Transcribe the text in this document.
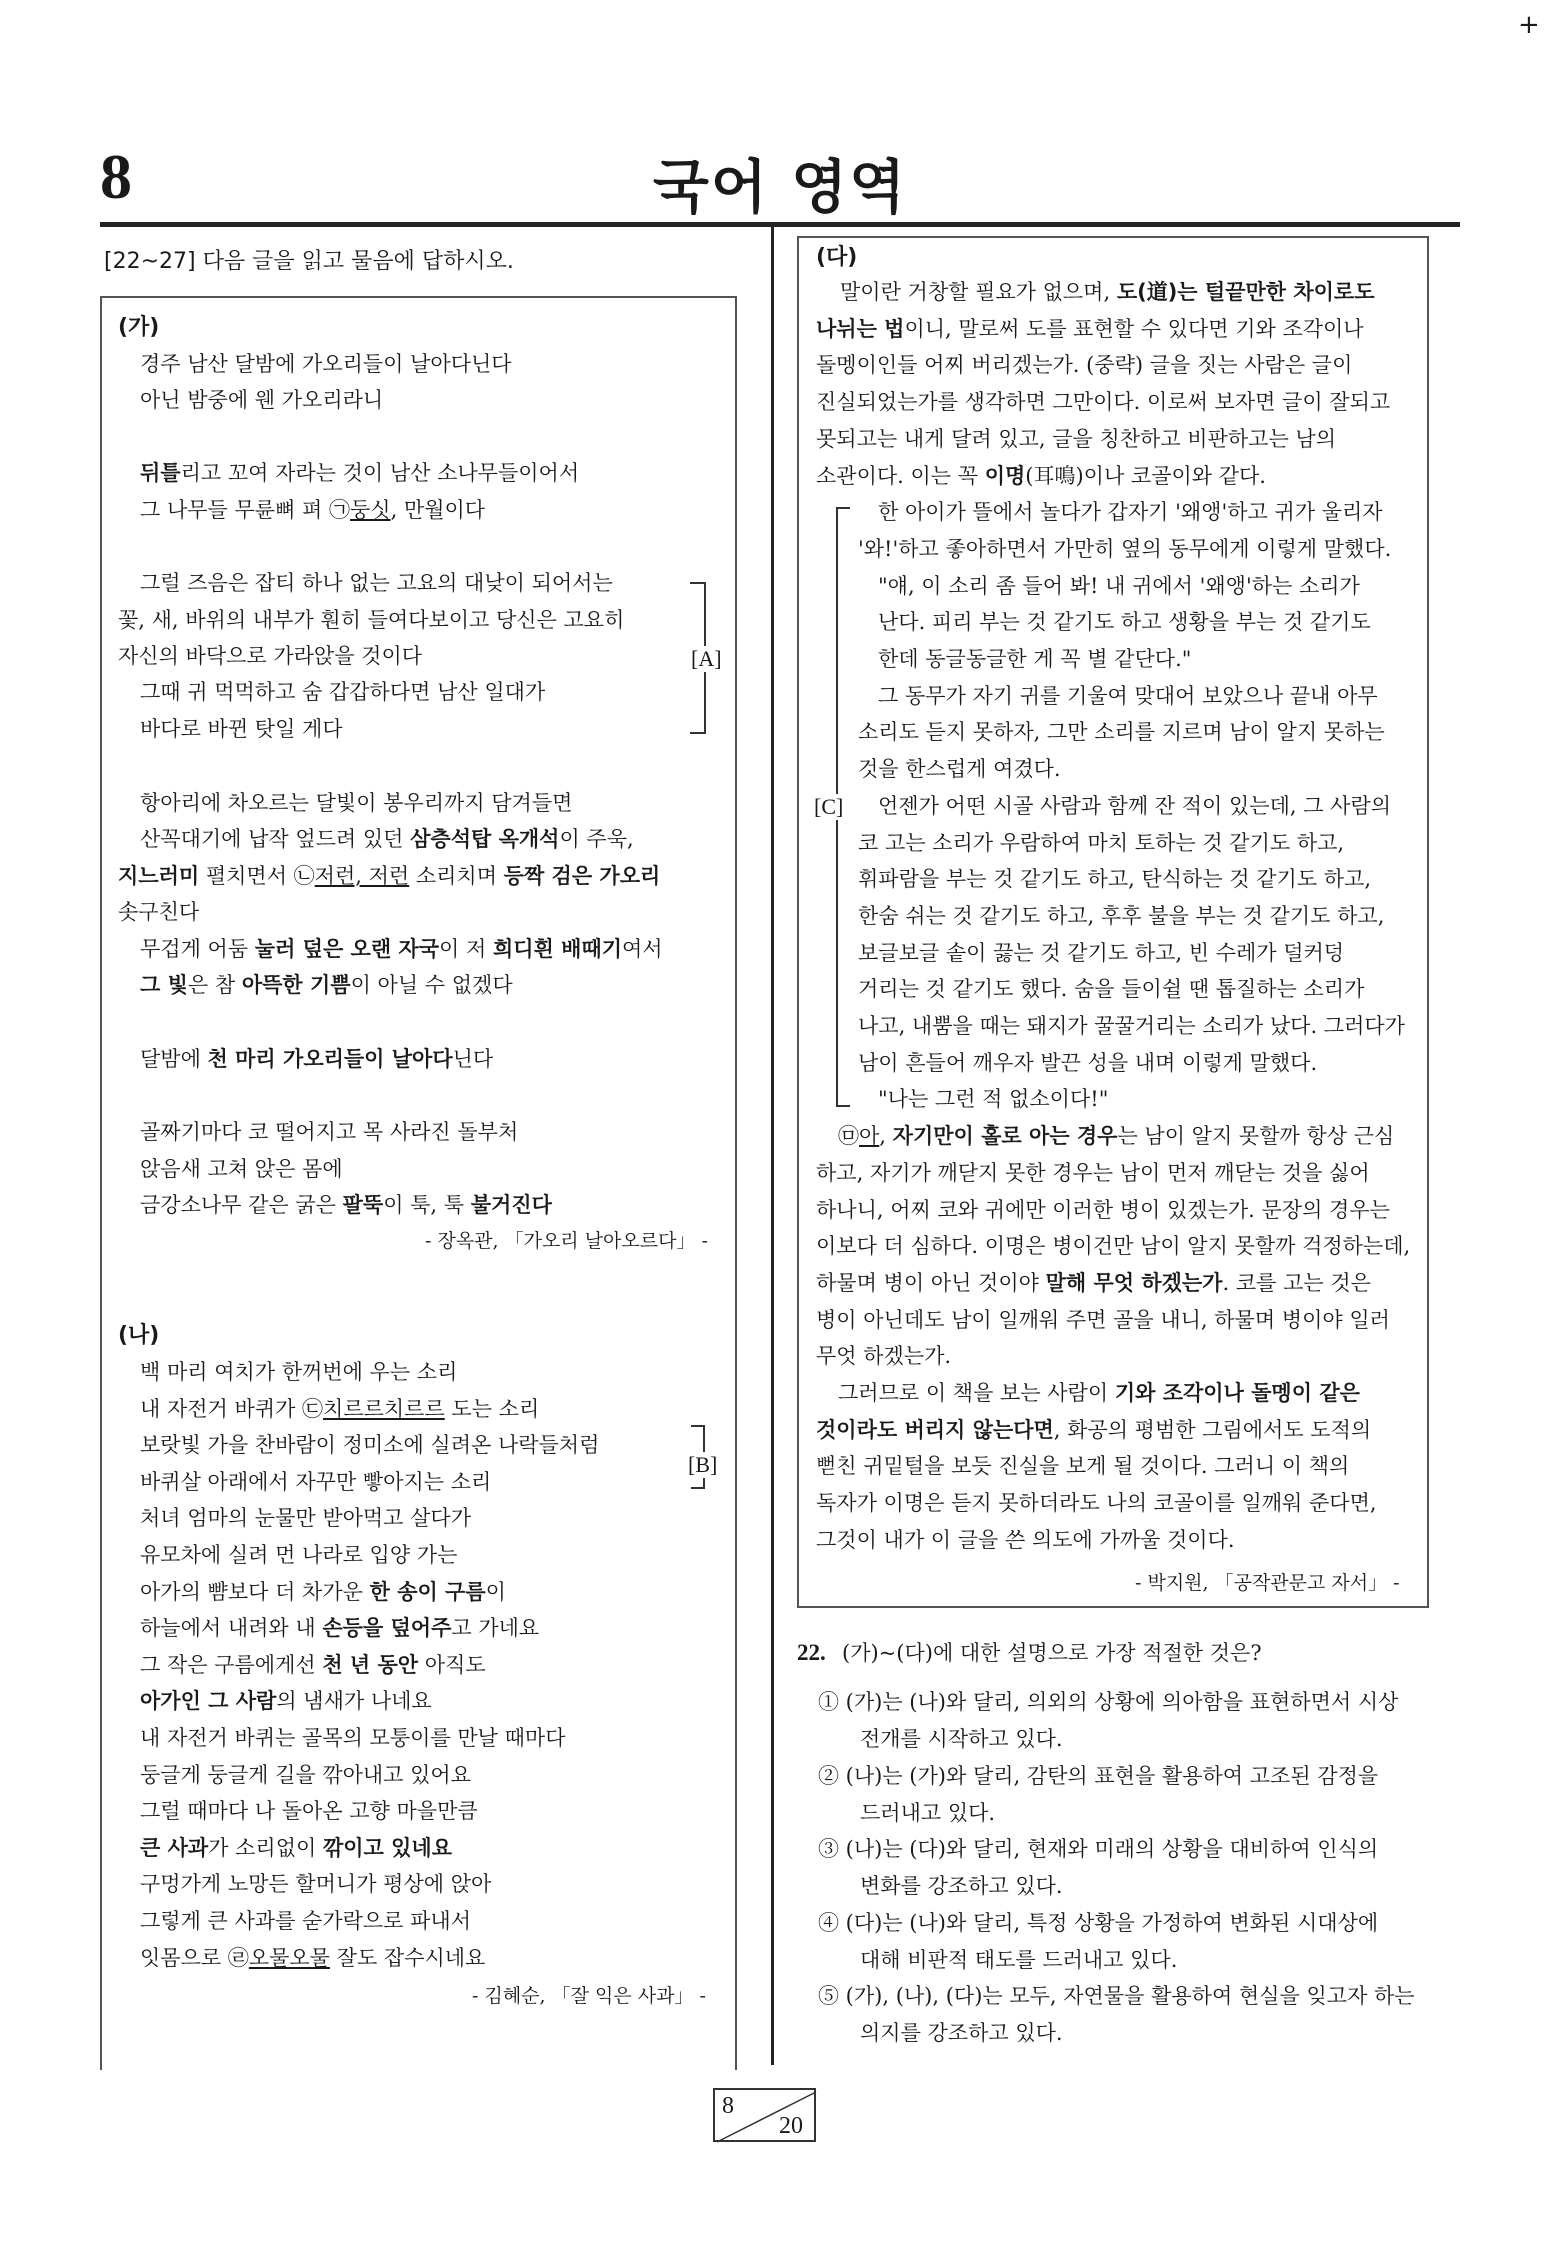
+
8	국어 영역
[22~27] 다음 글을 읽고 물음에 답하시오.
(가)
경주 남산 달밤에 가오리들이 날아다닌다
아닌 밤중에 웬 가오리라니
뒤틀리고 꼬여 자라는 것이 남산 소나무들이어서
그 나무들 무륜뼈 펴 ㉠둥싯, 만월이다
그럴 즈음은 잡티 하나 없는 고요의 대낮이 되어서는
꽃, 새, 바위의 내부가 훤히 들여다보이고 당신은 고요히
자신의 바닥으로 가라앉을 것이다
그때 귀 먹먹하고 숨 갑갑하다면 남산 일대가
바다로 바뀐 탓일 게다
항아리에 차오르는 달빛이 봉우리까지 담겨들면
산꼭대기에 납작 엎드려 있던 삼층석탑 옥개석이 주욱,
지느러미 펼치면서 ㉡저런, 저런 소리치며 등짝 검은 가오리
솟구친다
무겁게 어둠 눌러 덮은 오랜 자국이 저 희디흰 배때기여서
그 빛은 참 아뜩한 기쁨이 아닐 수 없겠다
달밤에 천 마리 가오리들이 날아다닌다
골짜기마다 코 떨어지고 목 사라진 돌부처
앉음새 고쳐 앉은 몸에
금강소나무 같은 굵은 팔뚝이 툭, 툭 불거진다
- 장옥관, 「가오리 날아오르다」 -
(나)
백 마리 여치가 한꺼번에 우는 소리
내 자전거 바퀴가 ㉢치르르치르르 도는 소리
보랏빛 가을 찬바람이 정미소에 실려온 나락들처럼
바퀴살 아래에서 자꾸만 빻아지는 소리
처녀 엄마의 눈물만 받아먹고 살다가
유모차에 실려 먼 나라로 입양 가는
아가의 뺨보다 더 차가운 한 송이 구름이
하늘에서 내려와 내 손등을 덮어주고 가네요
그 작은 구름에게선 천 년 동안 아직도
아가인 그 사람의 냄새가 나네요
내 자전거 바퀴는 골목의 모퉁이를 만날 때마다
둥글게 둥글게 길을 깎아내고 있어요
그럴 때마다 나 돌아온 고향 마을만큼
큰 사과가 소리없이 깎이고 있네요
구멍가게 노망든 할머니가 평상에 앉아
그렇게 큰 사과를 숟가락으로 파내서
잇몸으로 ㉣오물오물 잘도 잡수시네요
- 김혜순, 「잘 익은 사과」 -
[A]
[B]
(다)
말이란 거창할 필요가 없으며, 도(道)는 털끝만한 차이로도
나뉘는 법이니, 말로써 도를 표현할 수 있다면 기와 조각이나
돌멩이인들 어찌 버리겠는가. (중략) 글을 짓는 사람은 글이
진실되었는가를 생각하면 그만이다. 이로써 보자면 글이 잘되고
못되고는 내게 달려 있고, 글을 칭찬하고 비판하고는 남의
소관이다. 이는 꼭 이명(耳鳴)이나 코골이와 같다.
한 아이가 뜰에서 놀다가 갑자기 '왜앵'하고 귀가 울리자
'와!'하고 좋아하면서 가만히 옆의 동무에게 이렇게 말했다.
"얘, 이 소리 좀 들어 봐! 내 귀에서 '왜앵'하는 소리가
난다. 피리 부는 것 같기도 하고 생황을 부는 것 같기도
한데 동글동글한 게 꼭 별 같단다."
그 동무가 자기 귀를 기울여 맞대어 보았으나 끝내 아무
소리도 듣지 못하자, 그만 소리를 지르며 남이 알지 못하는
것을 한스럽게 여겼다.
언젠가 어떤 시골 사람과 함께 잔 적이 있는데, 그 사람의
코 고는 소리가 우람하여 마치 토하는 것 같기도 하고,
휘파람을 부는 것 같기도 하고, 탄식하는 것 같기도 하고,
한숨 쉬는 것 같기도 하고, 후후 불을 부는 것 같기도 하고,
보글보글 솥이 끓는 것 같기도 하고, 빈 수레가 덜커덩
거리는 것 같기도 했다. 숨을 들이쉴 땐 톱질하는 소리가
나고, 내뿜을 때는 돼지가 꿀꿀거리는 소리가 났다. 그러다가
남이 흔들어 깨우자 발끈 성을 내며 이렇게 말했다.
"나는 그런 적 없소이다!"
㉤아, 자기만이 홀로 아는 경우는 남이 알지 못할까 항상 근심
하고, 자기가 깨닫지 못한 경우는 남이 먼저 깨닫는 것을 싫어
하나니, 어찌 코와 귀에만 이러한 병이 있겠는가. 문장의 경우는
이보다 더 심하다. 이명은 병이건만 남이 알지 못할까 걱정하는데,
하물며 병이 아닌 것이야 말해 무엇 하겠는가. 코를 고는 것은
병이 아닌데도 남이 일깨워 주면 골을 내니, 하물며 병이야 일러
무엇 하겠는가.
그러므로 이 책을 보는 사람이 기와 조각이나 돌멩이 같은
것이라도 버리지 않는다면, 화공의 평범한 그림에서도 도적의
뻗친 귀밑털을 보듯 진실을 보게 될 것이다. 그러니 이 책의
독자가 이명은 듣지 못하더라도 나의 코골이를 일깨워 준다면,
그것이 내가 이 글을 쓴 의도에 가까울 것이다.
- 박지원, 「공작관문고 자서」 -
[C]
22. (가)~(다)에 대한 설명으로 가장 적절한 것은?
① (가)는 (나)와 달리, 의외의 상황에 의아함을 표현하면서 시상
전개를 시작하고 있다.
② (나)는 (가)와 달리, 감탄의 표현을 활용하여 고조된 감정을
드러내고 있다.
③ (나)는 (다)와 달리, 현재와 미래의 상황을 대비하여 인식의
변화를 강조하고 있다.
④ (다)는 (나)와 달리, 특정 상황을 가정하여 변화된 시대상에
대해 비판적 태도를 드러내고 있다.
⑤ (가), (나), (다)는 모두, 자연물을 활용하여 현실을 잊고자 하는
의지를 강조하고 있다.
8
20
